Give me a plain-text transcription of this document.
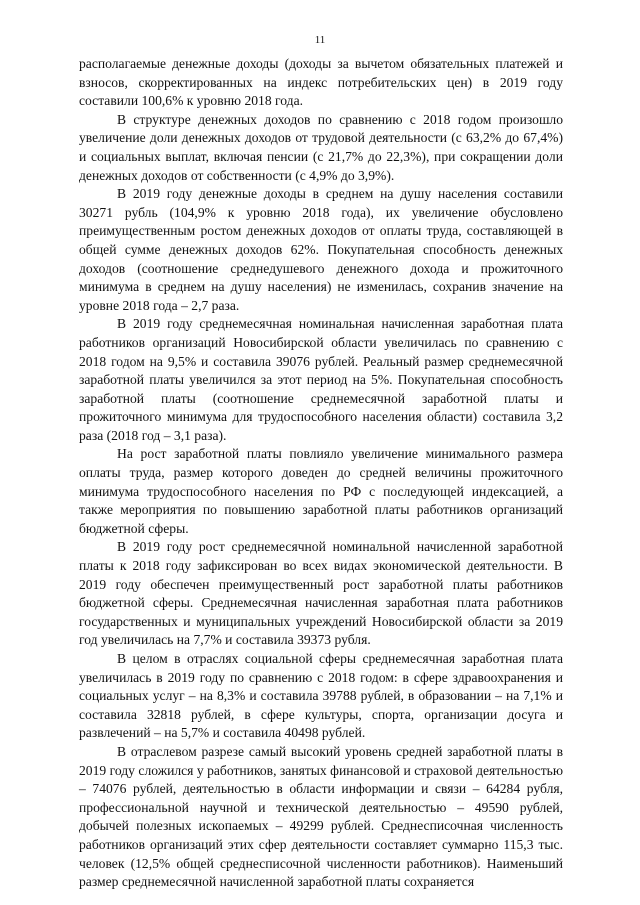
11

располагаемые денежные доходы (доходы за вычетом обязательных платежей и взносов, скорректированных на индекс потребительских цен) в 2019 году составили 100,6% к уровню 2018 года.

В структуре денежных доходов по сравнению с 2018 годом произошло увеличение доли денежных доходов от трудовой деятельности (с 63,2% до 67,4%) и социальных выплат, включая пенсии (с 21,7% до 22,3%), при сокращении доли денежных доходов от собственности (с 4,9% до 3,9%).

В 2019 году денежные доходы в среднем на душу населения составили 30271 рубль (104,9% к уровню 2018 года), их увеличение обусловлено преимущественным ростом денежных доходов от оплаты труда, составляющей в общей сумме денежных доходов 62%. Покупательная способность денежных доходов (соотношение среднедушевого денежного дохода и прожиточного минимума в среднем на душу населения) не изменилась, сохранив значение на уровне 2018 года – 2,7 раза.

В 2019 году среднемесячная номинальная начисленная заработная плата работников организаций Новосибирской области увеличилась по сравнению с 2018 годом на 9,5% и составила 39076 рублей. Реальный размер среднемесячной заработной платы увеличился за этот период на 5%. Покупательная способность заработной платы (соотношение среднемесячной заработной платы и прожиточного минимума для трудоспособного населения области) составила 3,2 раза (2018 год – 3,1 раза).

На рост заработной платы повлияло увеличение минимального размера оплаты труда, размер которого доведен до средней величины прожиточного минимума трудоспособного населения по РФ с последующей индексацией, а также мероприятия по повышению заработной платы работников организаций бюджетной сферы.

В 2019 году рост среднемесячной номинальной начисленной заработной платы к 2018 году зафиксирован во всех видах экономической деятельности. В 2019 году обеспечен преимущественный рост заработной платы работников бюджетной сферы. Среднемесячная начисленная заработная плата работников государственных и муниципальных учреждений Новосибирской области за 2019 год увеличилась на 7,7% и составила 39373 рубля.

В целом в отраслях социальной сферы среднемесячная заработная плата увеличилась в 2019 году по сравнению с 2018 годом: в сфере здравоохранения и социальных услуг – на 8,3% и составила 39788 рублей, в образовании – на 7,1% и составила 32818 рублей, в сфере культуры, спорта, организации досуга и развлечений – на 5,7% и составила 40498 рублей.

В отраслевом разрезе самый высокий уровень средней заработной платы в 2019 году сложился у работников, занятых финансовой и страховой деятельностью – 74076 рублей, деятельностью в области информации и связи – 64284 рубля, профессиональной научной и технической деятельностью – 49590 рублей, добычей полезных ископаемых – 49299 рублей. Среднесписочная численность работников организаций этих сфер деятельности составляет суммарно 115,3 тыс. человек (12,5% общей среднесписочной численности работников). Наименьший размер среднемесячной начисленной заработной платы сохраняется
